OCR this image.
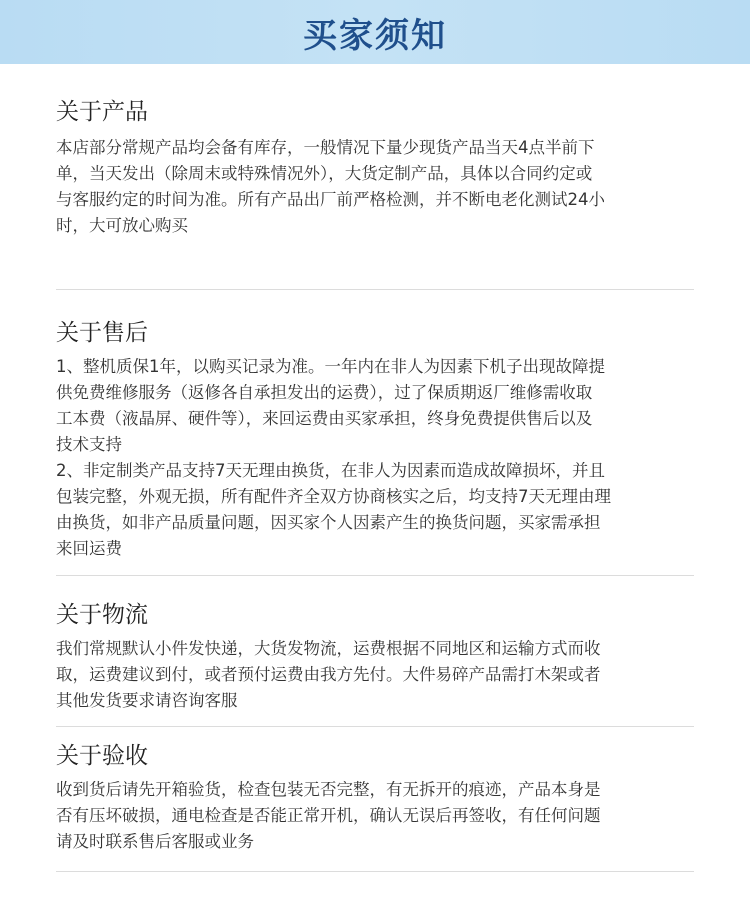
买家须知
关于产品

本店部分常规产品均会备有库存，一般情况下量少现货产品当天4点半前下
单，当天发出（除周末或特殊情况外），大货定制产品，具体以合同约定或
与客服约定的时间为准。所有产品出厂前严格检测，并不断电老化测试24小
时，大可放心购买

关于售后

1、整机质保1年，以购买记录为准。一年内在非人为因素下机子出现故障提
供免费维修服务（返修各自承担发出的运费），过了保质期返厂维修需收取
工本费（液晶屏、硬件等），来回运费由买家承担，终身免费提供售后以及
技术支持
2、非定制类产品支持7天无理由换货，在非人为因素而造成故障损坏，并且
包装完整，外观无损，所有配件齐全双方协商核实之后，均支持7天无理由理
由换货，如非产品质量问题，因买家个人因素产生的换货问题，买家需承担
来回运费

关于物流

我们常规默认小件发快递，大货发物流，运费根据不同地区和运输方式而收
取，运费建议到付，或者预付运费由我方先付。大件易碎产品需打木架或者
其他发货要求请咨询客服

关于验收

收到货后请先开箱验货，检查包装无否完整，有无拆开的痕迹，产品本身是
否有压坏破损，通电检查是否能正常开机，确认无误后再签收，有任何问题
请及时联系售后客服或业务
